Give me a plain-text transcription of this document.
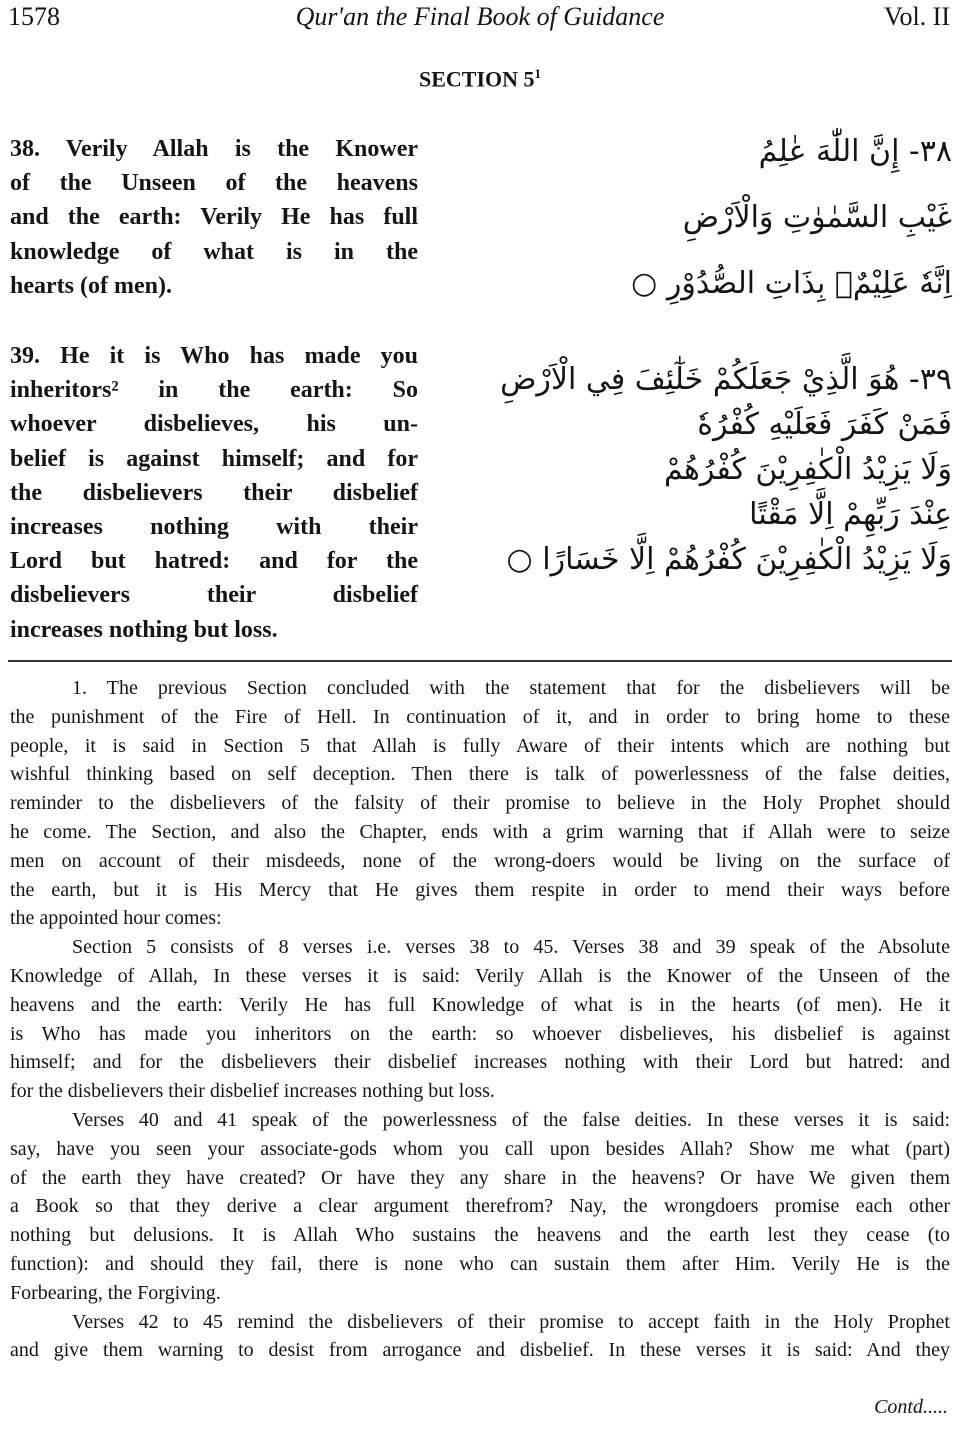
1578	Qur'an the Final Book of Guidance	Vol. II
SECTION $5^1$
38. Verily Allah is the Knower
of the Unseen of the heavens
and the earth: Verily He has full
knowledge of what is in the
hearts (of men).
٣٨- إِنَّ اللّٰهَ عٰلِمُ
غَيْبِ السَّمٰوٰتِ وَالْاَرْضِ
اِنَّهٗ عَلِيْمٌۢ بِذَاتِ الصُّدُوْرِ ○
39. He it is Who has made you
inheritors² in the earth: So
whoever disbelieves, his un-
belief is against himself; and for
the disbelievers their disbelief
increases nothing with their
Lord but hatred: and for the
disbelievers their disbelief
increases nothing but loss.
٣٩- هُوَ الَّذِيْ جَعَلَكُمْ خَلٰٓئِفَ فِي الْاَرْضِ
فَمَنْ كَفَرَ فَعَلَيْهِ كُفْرُهٗ
وَلَا يَزِيْدُ الْكٰفِرِيْنَ كُفْرُهُمْ
عِنْدَ رَبِّهِمْ اِلَّا مَقْتًا
وَلَا يَزِيْدُ الْكٰفِرِيْنَ كُفْرُهُمْ اِلَّا خَسَارًا ○
1. The previous Section concluded with the statement that for the disbelievers will be
the punishment of the Fire of Hell. In continuation of it, and in order to bring home to these
people, it is said in Section 5 that Allah is fully Aware of their intents which are nothing but
wishful thinking based on self deception. Then there is talk of powerlessness of the false deities,
reminder to the disbelievers of the falsity of their promise to believe in the Holy Prophet should
he come. The Section, and also the Chapter, ends with a grim warning that if Allah were to seize
men on account of their misdeeds, none of the wrong-doers would be living on the surface of
the earth, but it is His Mercy that He gives them respite in order to mend their ways before
the appointed hour comes:
Section 5 consists of 8 verses i.e. verses 38 to 45. Verses 38 and 39 speak of the Absolute
Knowledge of Allah, In these verses it is said: Verily Allah is the Knower of the Unseen of the
heavens and the earth: Verily He has full Knowledge of what is in the hearts (of men). He it
is Who has made you inheritors on the earth: so whoever disbelieves, his disbelief is against
himself; and for the disbelievers their disbelief increases nothing with their Lord but hatred: and
for the disbelievers their disbelief increases nothing but loss.
Verses 40 and 41 speak of the powerlessness of the false deities. In these verses it is said:
say, have you seen your associate-gods whom you call upon besides Allah? Show me what (part)
of the earth they have created? Or have they any share in the heavens? Or have We given them
a Book so that they derive a clear argument therefrom? Nay, the wrongdoers promise each other
nothing but delusions. It is Allah Who sustains the heavens and the earth lest they cease (to
function): and should they fail, there is none who can sustain them after Him. Verily He is the
Forbearing, the Forgiving.
Verses 42 to 45 remind the disbelievers of their promise to accept faith in the Holy Prophet
and give them warning to desist from arrogance and disbelief. In these verses it is said: And they
Contd.....
